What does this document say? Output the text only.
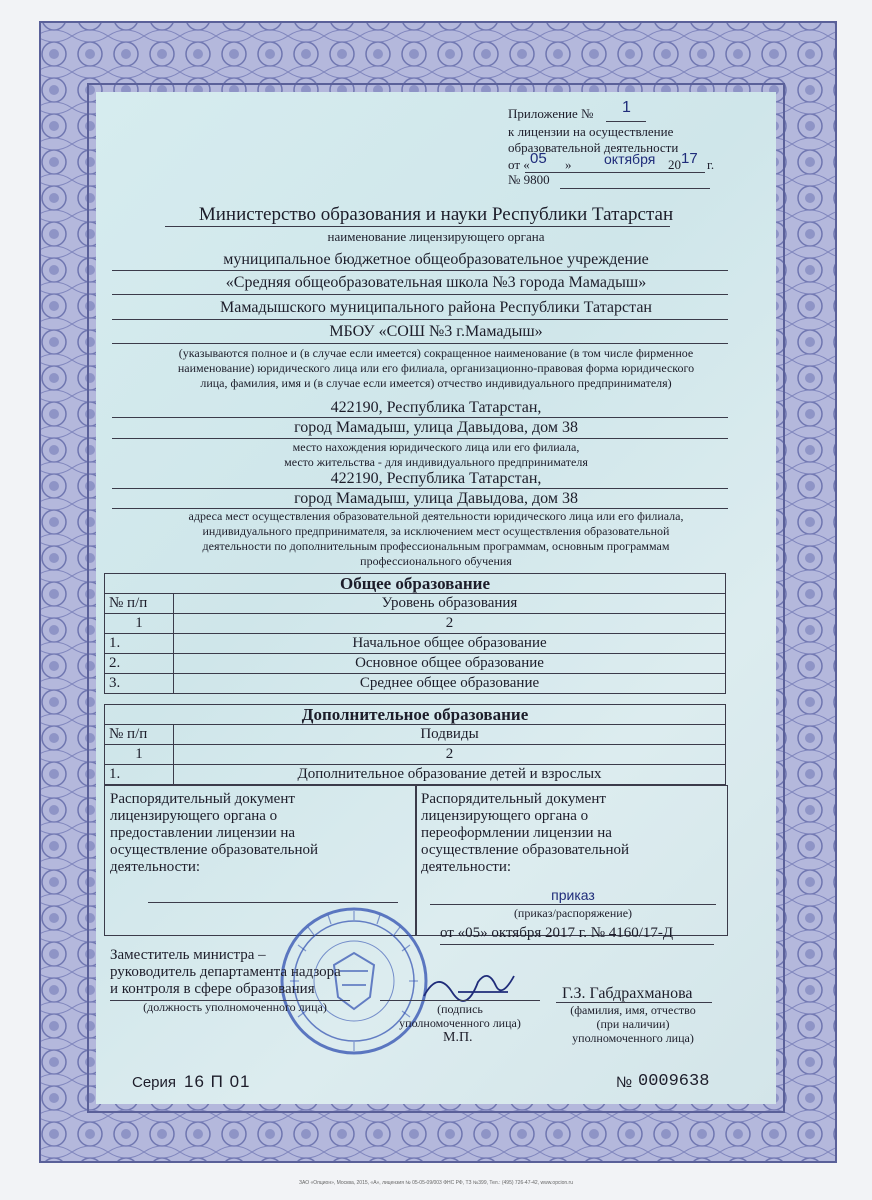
Приложение № 1
к лицензии на осуществление
образовательной деятельности
от « 05 » октября 20 17 г.
№ 9800
Министерство образования и науки Республики Татарстан
наименование лицензирующего органа
муниципальное бюджетное общеобразовательное учреждение
«Средняя общеобразовательная школа №3 города Мамадыш»
Мамадышского муниципального района Республики Татарстан
МБОУ «СОШ №3 г.Мамадыш»
(указываются полное и (в случае если имеется) сокращенное наименование (в том числе фирменное
наименование) юридического лица или его филиала, организационно-правовая форма юридического
лица, фамилия, имя и (в случае если имеется) отчество индивидуального предпринимателя)
422190, Республика Татарстан,
город Мамадыш, улица Давыдова, дом 38
место нахождения юридического лица или его филиала,
место жительства - для индивидуального предпринимателя
422190, Республика Татарстан,
город Мамадыш, улица Давыдова, дом 38
адреса мест осуществления образовательной деятельности юридического лица или его филиала,
индивидуального предпринимателя, за исключением мест осуществления образовательной
деятельности по дополнительным профессиональным программам, основным программам
профессионального обучения
Общее образование	
№ п/п	Уровень образования
1	2
1.	Начальное общее образование
2.	Основное общее образование
3.	Среднее общее образование
Дополнительное образование	
№ п/п	Подвиды
1	2
1.	Дополнительное образование детей и взрослых
Распорядительный документ
лицензирующего органа о
предоставлении лицензии на
осуществление образовательной
деятельности:
Распорядительный документ
лицензирующего органа о
переоформлении лицензии на
осуществление образовательной
деятельности:
приказ
(приказ/распоряжение)
от «05» октября 2017 г. № 4160/17-Д
Заместитель министра –
руководитель департамента надзора
и контроля в сфере образования
(должность уполномоченного лица)	(подпись
уполномоченного лица)
М.П.
Г.З. Габдрахманова
(фамилия, имя, отчество
(при наличии)
уполномоченного лица)
Серия 16 П 01	№ 0009638
ЗАО «Опцион», Москва, 2015, «А», лицензия № 05-05-09/003 ФНС РФ, ТЗ №399, Тел.: (495) 726-47-42, www.opcion.ru
